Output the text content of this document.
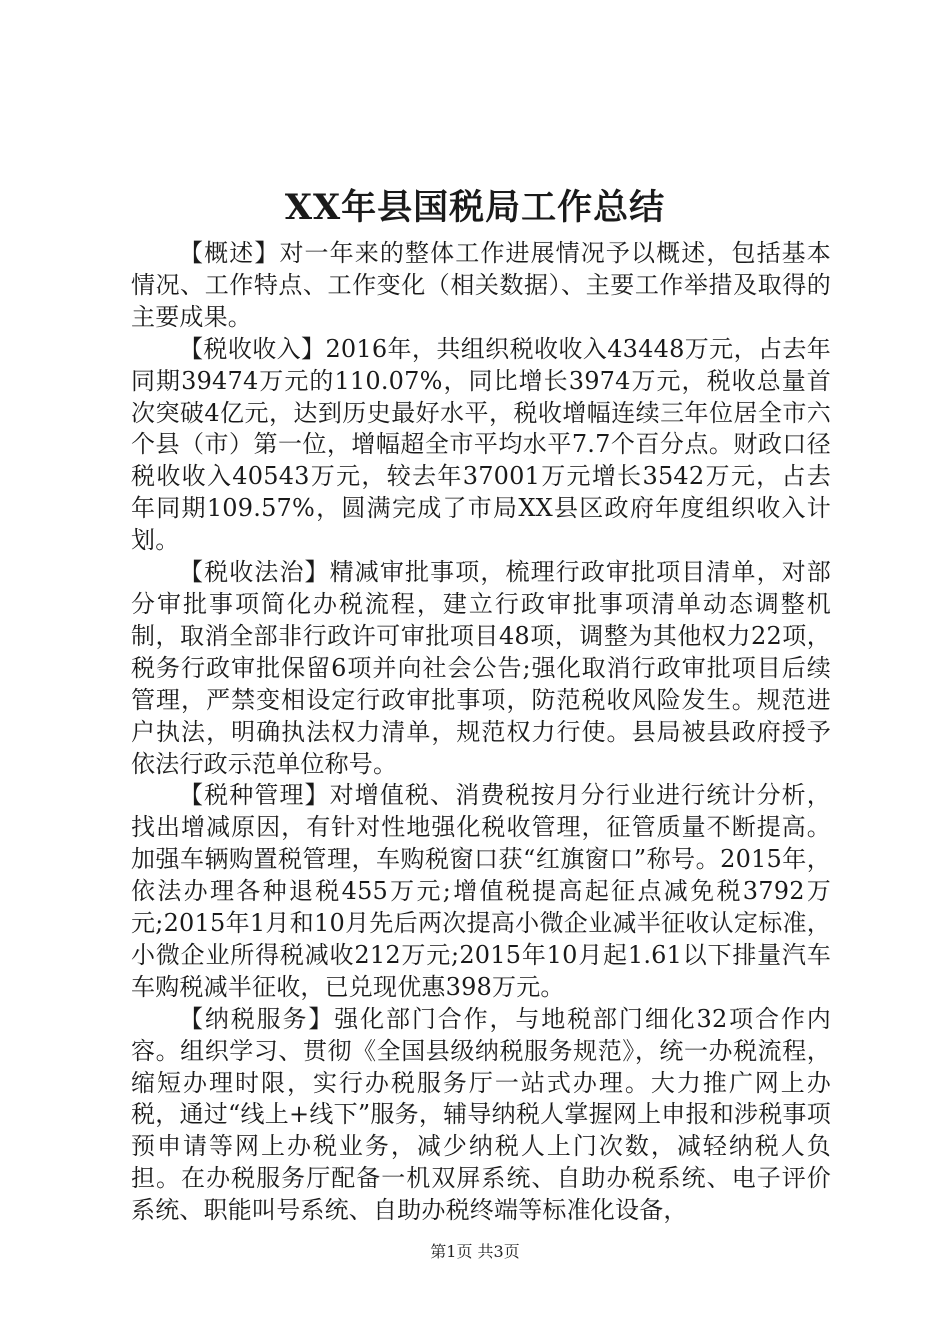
XX年县国税局工作总结

【概述】对一年来的整体工作进展情况予以概述，包括基本情况、工作特点、工作变化（相关数据）、主要工作举措及取得的主要成果。

【税收收入】2016年，共组织税收收入43448万元，占去年同期39474万元的110.07%，同比增长3974万元，税收总量首次突破4亿元，达到历史最好水平，税收增幅连续三年位居全市六个县（市）第一位，增幅超全市平均水平7.7个百分点。财政口径税收收入40543万元，较去年37001万元增长3542万元，占去年同期109.57%，圆满完成了市局XX县区政府年度组织收入计划。

【税收法治】精减审批事项，梳理行政审批项目清单，对部分审批事项简化办税流程，建立行政审批事项清单动态调整机制，取消全部非行政许可审批项目48项，调整为其他权力22项，税务行政审批保留6项并向社会公告;强化取消行政审批项目后续管理，严禁变相设定行政审批事项，防范税收风险发生。规范进户执法，明确执法权力清单，规范权力行使。县局被县政府授予依法行政示范单位称号。

【税种管理】对增值税、消费税按月分行业进行统计分析，找出增减原因，有针对性地强化税收管理，征管质量不断提高。加强车辆购置税管理，车购税窗口获“红旗窗口”称号。2015年，依法办理各种退税455万元;增值税提高起征点减免税3792万元;2015年1月和10月先后两次提高小微企业减半征收认定标准，小微企业所得税减收212万元;2015年10月起1.61以下排量汽车车购税减半征收，已兑现优惠398万元。

【纳税服务】强化部门合作，与地税部门细化32项合作内容。组织学习、贯彻《全国县级纳税服务规范》，统一办税流程，缩短办理时限，实行办税服务厅一站式办理。大力推广网上办税，通过“线上+线下”服务，辅导纳税人掌握网上申报和涉税事项预申请等网上办税业务，减少纳税人上门次数，减轻纳税人负担。在办税服务厅配备一机双屏系统、自助办税系统、电子评价系统、职能叫号系统、自助办税终端等标准化设备，

第1页 共3页
